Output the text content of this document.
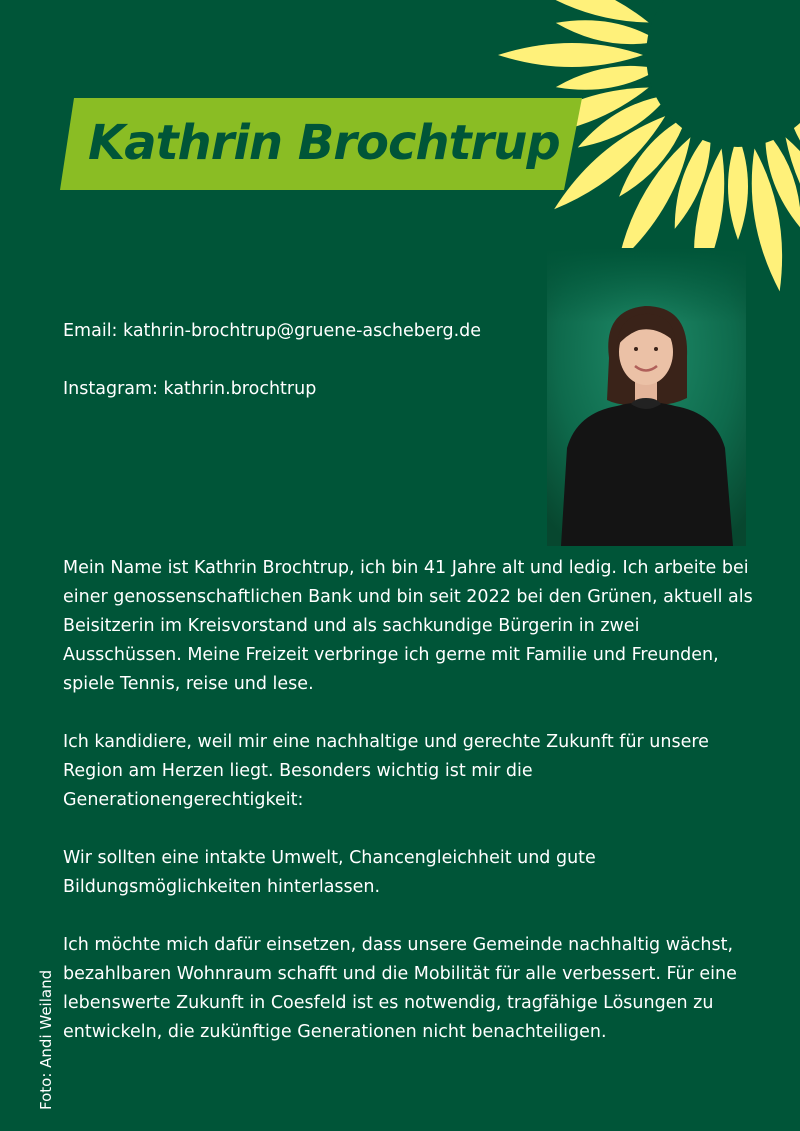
Kathrin Brochtrup
Email: kathrin-brochtrup@gruene-ascheberg.de
Instagram: kathrin.brochtrup

Mein Name ist Kathrin Brochtrup, ich bin 41 Jahre alt und ledig. Ich arbeite bei einer genossenschaftlichen Bank und bin seit 2022 bei den Grünen, aktuell als Beisitzerin im Kreisvorstand und als sachkundige Bürgerin in zwei Ausschüssen. Meine Freizeit verbringe ich gerne mit Familie und Freunden, spiele Tennis, reise und lese.

Ich kandidiere, weil mir eine nachhaltige und gerechte Zukunft für unsere Region am Herzen liegt. Besonders wichtig ist mir die Generationengerechtigkeit:

Wir sollten eine intakte Umwelt, Chancengleichheit und gute Bildungsmöglichkeiten hinterlassen.

Ich möchte mich dafür einsetzen, dass unsere Gemeinde nachhaltig wächst, bezahlbaren Wohnraum schafft und die Mobilität für alle verbessert. Für eine lebenswerte Zukunft in Coesfeld ist es notwendig, tragfähige Lösungen zu entwickeln, die zukünftige Generationen nicht benachteiligen.

Foto: Andi Weiland
